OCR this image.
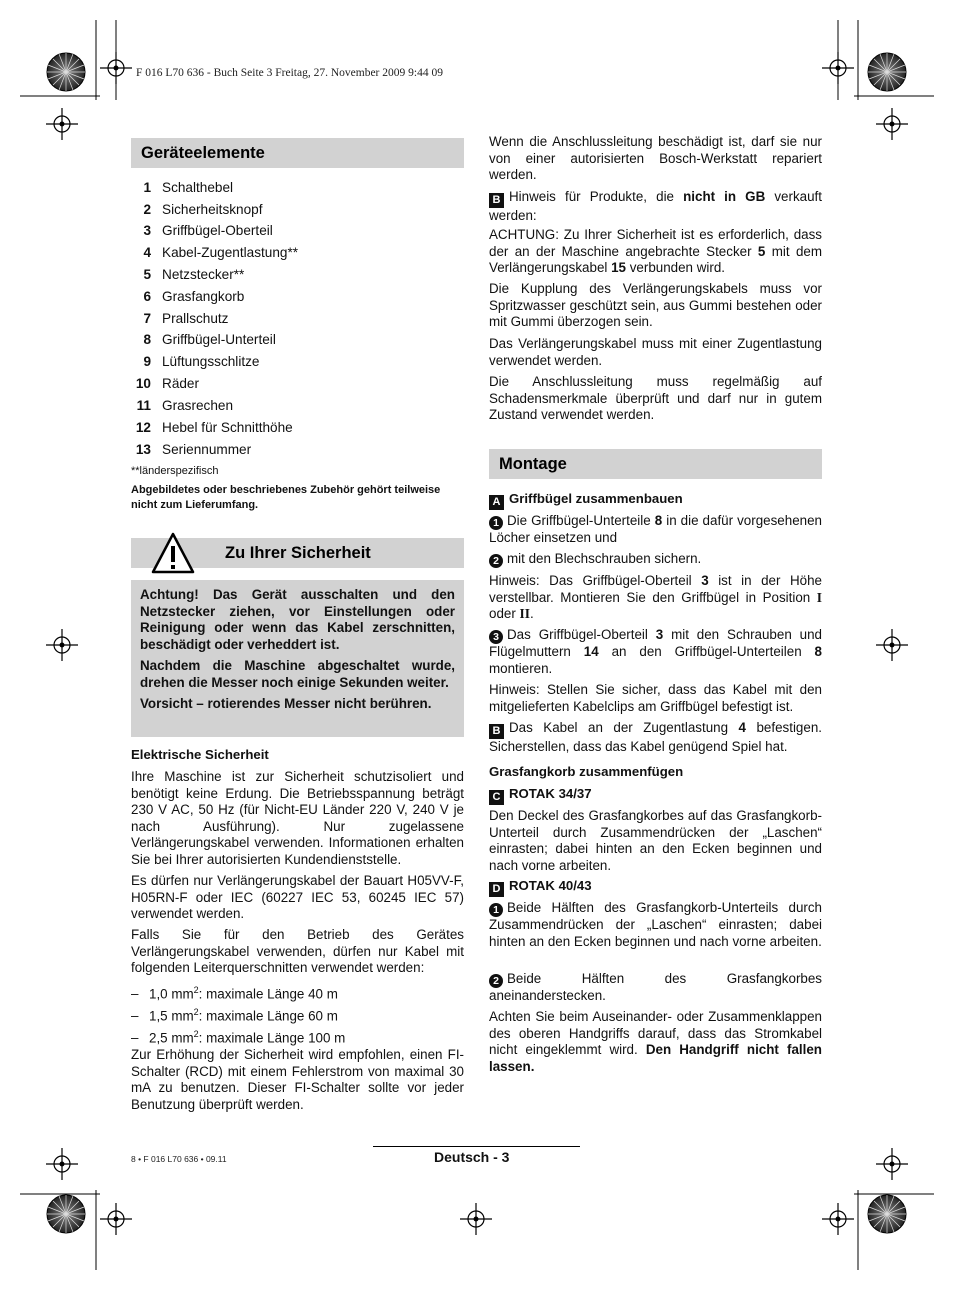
F 016 L70 636 - Buch Seite 3 Freitag, 27. November 2009 9:44 09
Geräteelemente
1 Schalthebel
2 Sicherheitsknopf
3 Griffbügel-Oberteil
4 Kabel-Zugentlastung**
5 Netzstecker**
6 Grasfangkorb
7 Prallschutz
8 Griffbügel-Unterteil
9 Lüftungsschlitze
10 Räder
11 Grasrechen
12 Hebel für Schnitthöhe
13 Seriennummer
**länderspezifisch
Abgebildetes oder beschriebenes Zubehör gehört teilweise nicht zum Lieferumfang.
Zu Ihrer Sicherheit

Achtung! Das Gerät ausschalten und den Netzstecker ziehen, vor Einstellungen oder Reinigung oder wenn das Kabel zerschnitten, beschädigt oder verheddert ist.

Nachdem die Maschine abgeschaltet wurde, drehen die Messer noch einige Sekunden weiter.

Vorsicht – rotierendes Messer nicht berühren.

Elektrische Sicherheit

Ihre Maschine ist zur Sicherheit schutzisoliert und benötigt keine Erdung. Die Betriebsspannung beträgt 230 V AC, 50 Hz (für Nicht-EU Länder 220 V, 240 V je nach Ausführung). Nur zugelassene Verlängerungskabel verwenden. Informationen erhalten Sie bei Ihrer autorisierten Kundendienststelle.

Es dürfen nur Verlängerungskabel der Bauart H05VV-F, H05RN-F oder IEC (60227 IEC 53, 60245 IEC 57) verwendet werden.

Falls Sie für den Betrieb des Gerätes Verlängerungskabel verwenden, dürfen nur Kabel mit folgenden Leiterquerschnitten verwendet werden:

– 1,0 $mm^2$: maximale Länge 40 m
– 1,5 $mm^2$: maximale Länge 60 m
– 2,5 $mm^2$: maximale Länge 100 m

Zur Erhöhung der Sicherheit wird empfohlen, einen FI-Schalter (RCD) mit einem Fehlerstrom von maximal 30 mA zu benutzen. Dieser FI-Schalter sollte vor jeder Benutzung überprüft werden.

Wenn die Anschlussleitung beschädigt ist, darf sie nur von einer autorisierten Bosch-Werkstatt repariert werden.

B Hinweis für Produkte, die nicht in GB verkauft werden:

ACHTUNG: Zu Ihrer Sicherheit ist es erforderlich, dass der an der Maschine angebrachte Stecker 5 mit dem Verlängerungskabel 15 verbunden wird.

Die Kupplung des Verlängerungskabels muss vor Spritzwasser geschützt sein, aus Gummi bestehen oder mit Gummi überzogen sein.

Das Verlängerungskabel muss mit einer Zugentlastung verwendet werden.

Die Anschlussleitung muss regelmäßig auf Schadensmerkmale überprüft und darf nur in gutem Zustand verwendet werden.

Montage
A Griffbügel zusammenbauen

1 Die Griffbügel-Unterteile 8 in die dafür vorgesehenen Löcher einsetzen und

2 mit den Blechschrauben sichern.

Hinweis: Das Griffbügel-Oberteil 3 ist in der Höhe verstellbar. Montieren Sie den Griffbügel in Position I oder II.

3 Das Griffbügel-Oberteil 3 mit den Schrauben und Flügelmuttern 14 an den Griffbügel-Unterteilen 8 montieren.

Hinweis: Stellen Sie sicher, dass das Kabel mit den mitgelieferten Kabelclips am Griffbügel befestigt ist.

B Das Kabel an der Zugentlastung 4 befestigen. Sicherstellen, dass das Kabel genügend Spiel hat.

Grasfangkorb zusammenfügen
C ROTAK 34/37

Den Deckel des Grasfangkorbes auf das Grasfangkorb-Unterteil durch Zusammendrücken der „Laschen“ einrasten; dabei hinten an den Ecken beginnen und nach vorne arbeiten.

D ROTAK 40/43

1 Beide Hälften des Grasfangkorb-Unterteils durch Zusammendrücken der „Laschen“ einrasten; dabei hinten an den Ecken beginnen und nach vorne arbeiten.

2 Beide Hälften des Grasfangkorbes aneinanderstecken.

Achten Sie beim Auseinander- oder Zusammenklappen des oberen Handgriffs darauf, dass das Stromkabel nicht eingeklemmt wird. Den Handgriff nicht fallen lassen.

8 • F 016 L70 636 • 09.11	Deutsch - 3
